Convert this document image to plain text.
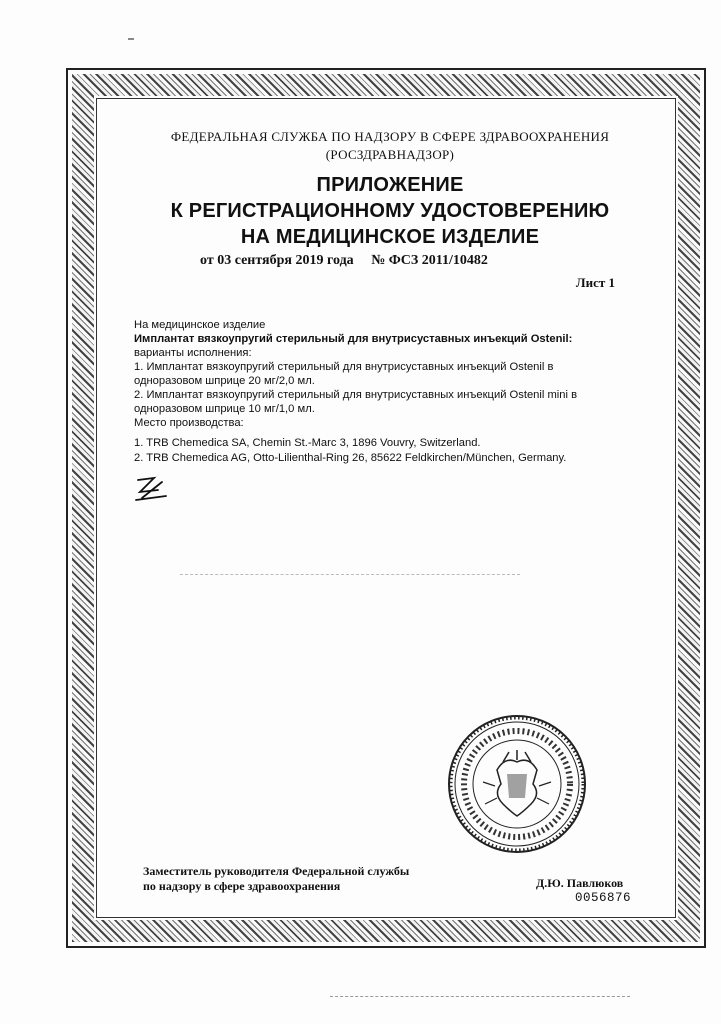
ФЕДЕРАЛЬНАЯ СЛУЖБА ПО НАДЗОРУ В СФЕРЕ ЗДРАВООХРАНЕНИЯ
(РОСЗДРАВНАДЗОР)
ПРИЛОЖЕНИЕ
К РЕГИСТРАЦИОННОМУ УДОСТОВЕРЕНИЮ
НА МЕДИЦИНСКОЕ ИЗДЕЛИЕ
от 03 сентября 2019 года № ФСЗ 2011/10482
Лист 1
На медицинское изделие
Имплантат вязкоупругий стерильный для внутрисуставных инъекций Ostenil:
варианты исполнения:
1. Имплантат вязкоупругий стерильный для внутрисуставных инъекций Ostenil в
одноразовом шприце 20 мг/2,0 мл.
2. Имплантат вязкоупругий стерильный для внутрисуставных инъекций Ostenil mini в
одноразовом шприце 10 мг/1,0 мл.
Место производства:
1. TRB Chemedica SA, Chemin St.-Marc 3, 1896 Vouvry, Switzerland.
2. TRB Chemedica AG, Otto-Lilienthal-Ring 26, 85622 Feldkirchen/München, Germany.
Заместитель руководителя Федеральной службы
по надзору в сфере здравоохранения	Д.Ю. Павлюков
0056876
